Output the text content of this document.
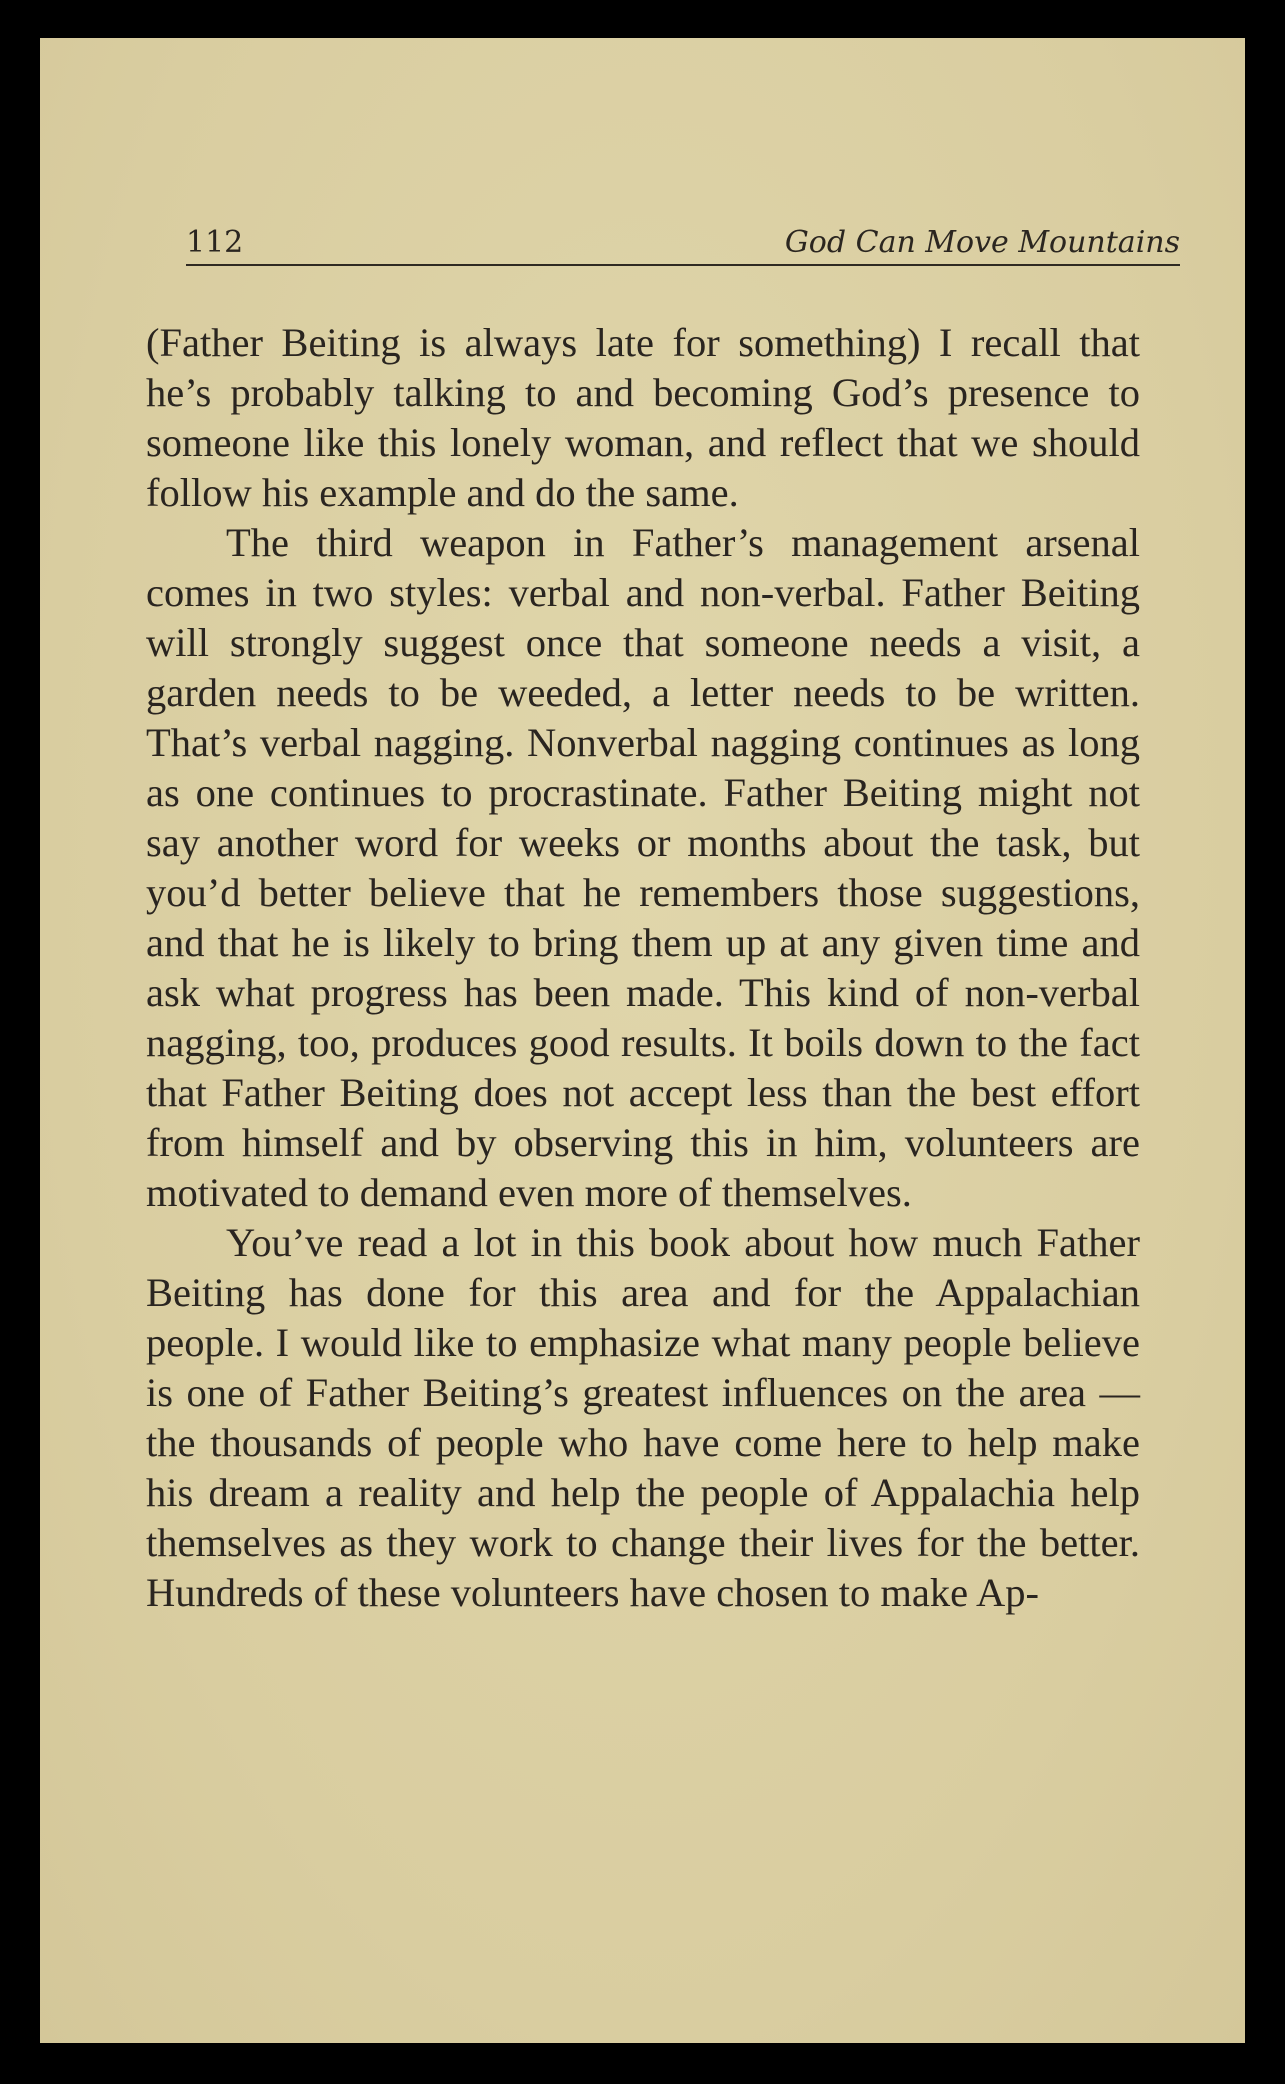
112	God Can Move Mountains

(Father Beiting is always late for something) I recall that he’s probably talking to and becoming God’s presence to someone like this lonely woman, and reflect that we should follow his example and do the same.

The third weapon in Father’s management arsenal comes in two styles: verbal and non-verbal. Father Beiting will strongly suggest once that someone needs a visit, a garden needs to be weeded, a letter needs to be written. That’s verbal nagging. Nonverbal nagging continues as long as one continues to procrastinate. Father Beiting might not say another word for weeks or months about the task, but you’d better believe that he remembers those suggestions, and that he is likely to bring them up at any given time and ask what progress has been made. This kind of non-verbal nagging, too, produces good results. It boils down to the fact that Father Beiting does not accept less than the best effort from himself and by observing this in him, volunteers are motivated to demand even more of themselves.

You’ve read a lot in this book about how much Father Beiting has done for this area and for the Appalachian people. I would like to emphasize what many people believe is one of Father Beiting’s greatest influences on the area — the thousands of people who have come here to help make his dream a reality and help the people of Appalachia help themselves as they work to change their lives for the better. Hundreds of these volunteers have chosen to make Ap-
